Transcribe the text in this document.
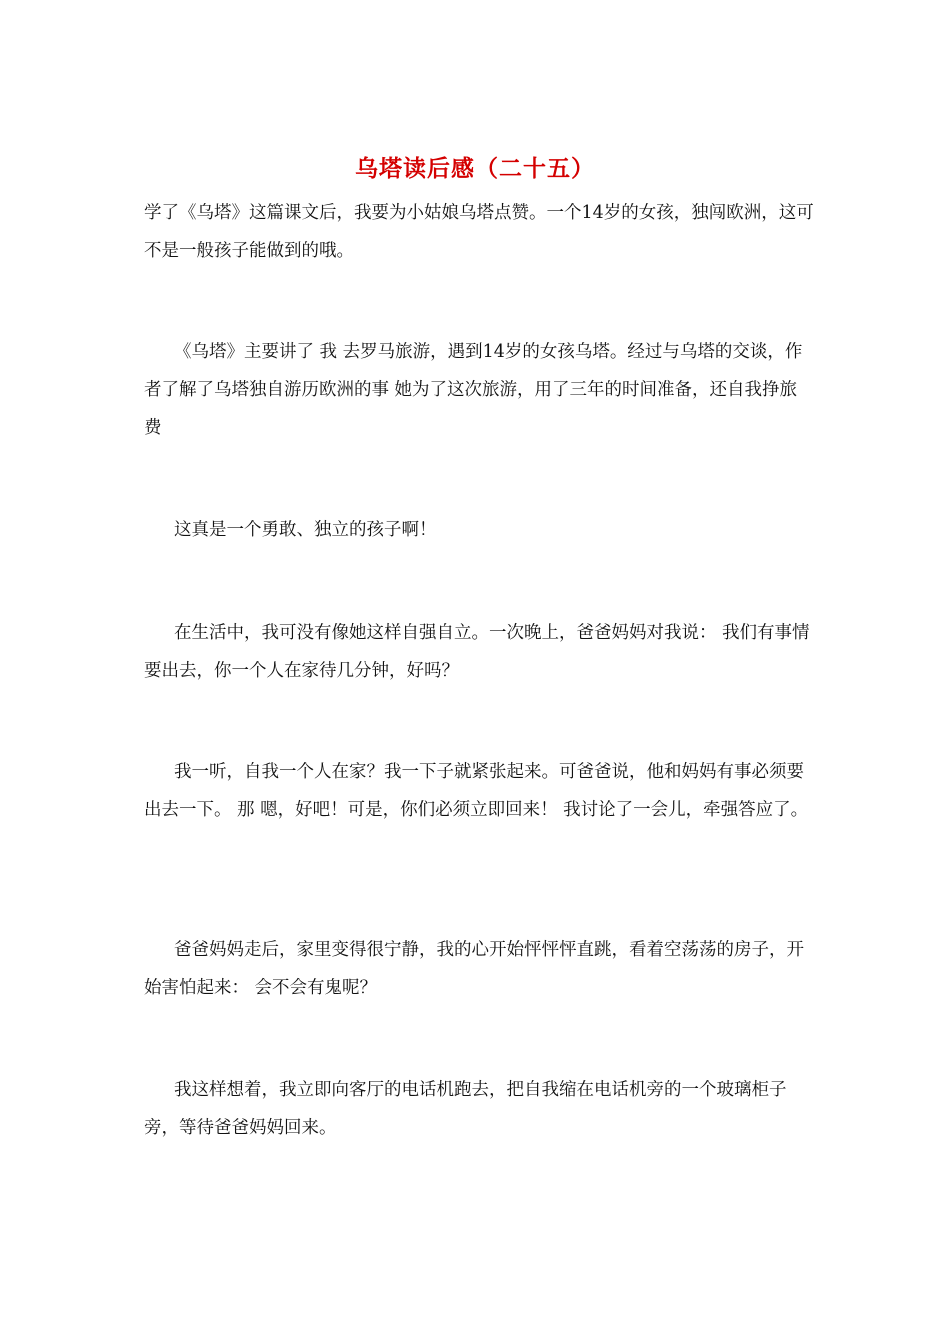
乌塔读后感（二十五）

学了《乌塔》这篇课文后，我要为小姑娘乌塔点赞。一个14岁的女孩，独闯欧洲，这可不是一般孩子能做到的哦。

《乌塔》主要讲了 我 去罗马旅游，遇到14岁的女孩乌塔。经过与乌塔的交谈，作者了解了乌塔独自游历欧洲的事 她为了这次旅游，用了三年的时间准备，还自我挣旅费

这真是一个勇敢、独立的孩子啊！

在生活中，我可没有像她这样自强自立。一次晚上，爸爸妈妈对我说： 我们有事情要出去，你一个人在家待几分钟，好吗？

我一听，自我一个人在家？我一下子就紧张起来。可爸爸说，他和妈妈有事必须要出去一下。 那 嗯，好吧！可是，你们必须立即回来！ 我讨论了一会儿，牵强答应了。

爸爸妈妈走后，家里变得很宁静，我的心开始怦怦怦直跳，看着空荡荡的房子，开始害怕起来： 会不会有鬼呢？

我这样想着，我立即向客厅的电话机跑去，把自我缩在电话机旁的一个玻璃柜子旁，等待爸爸妈妈回来。
